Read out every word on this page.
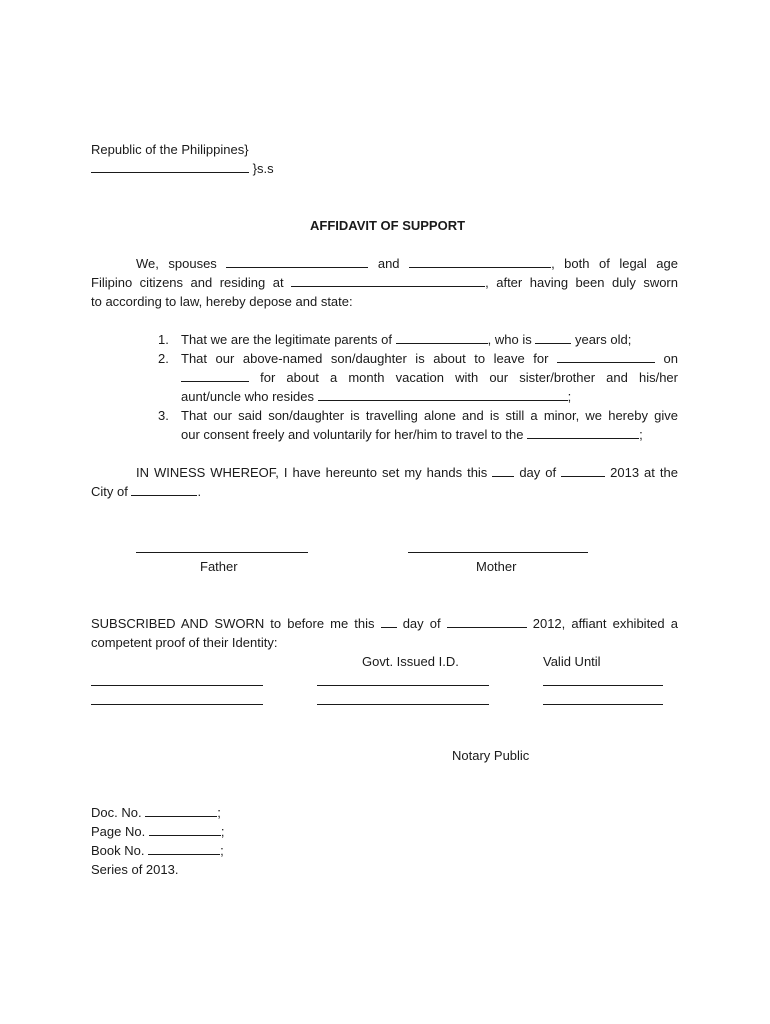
Republic of the Philippines}
}s.s
AFFIDAVIT OF SUPPORT
We, spouses	and	, both of legal age
Filipino citizens and residing at	, after having been duly sworn
to according to law, hereby depose and state:
1. That we are the legitimate parents of	, who is	years old;
2. That our above-named son/daughter is about to leave for	on
for about a month vacation with our sister/brother and his/her
aunt/uncle who resides	;
3. That our said son/daughter is travelling alone and is still a minor, we hereby give
our consent freely and voluntarily for her/him to travel to the	;
IN WINESS WHEREOF, I have hereunto set my hands this day of	2013 at the
City of	.
Father	Mother
SUBSCRIBED AND SWORN to before me this day of	2012, affiant exhibited a
competent proof of their Identity:
Govt. Issued I.D.	Valid Until
Notary Public
Doc. No.	;
Page No.	;
Book No.	;
Series of 2013.
